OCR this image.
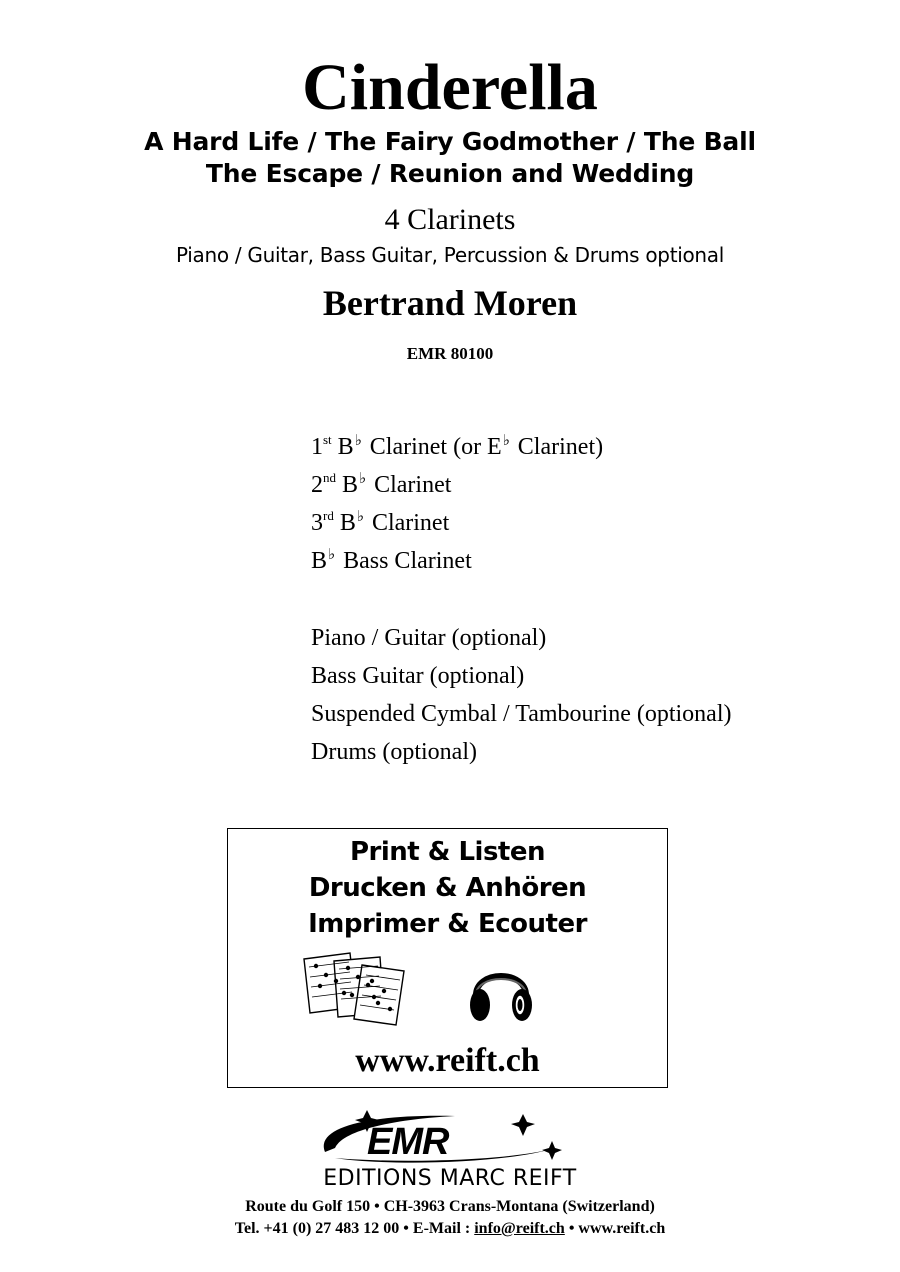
Cinderella
A Hard Life / The Fairy Godmother / The Ball
The Escape / Reunion and Wedding
4 Clarinets
Piano / Guitar, Bass Guitar, Percussion & Drums optional
Bertrand Moren
EMR 80100
1st B♭ Clarinet (or E♭ Clarinet)
2nd B♭ Clarinet
3rd B♭ Clarinet
B♭ Bass Clarinet
Piano / Guitar (optional)
Bass Guitar (optional)
Suspended Cymbal / Tambourine (optional)
Drums (optional)
Print & Listen
Drucken & Anhören
Imprimer & Ecouter
www.reift.ch
EMR
EDITIONS MARC REIFT
Route du Golf 150 • CH-3963 Crans-Montana (Switzerland)
Tel. +41 (0) 27 483 12 00 • E-Mail : info@reift.ch • www.reift.ch
